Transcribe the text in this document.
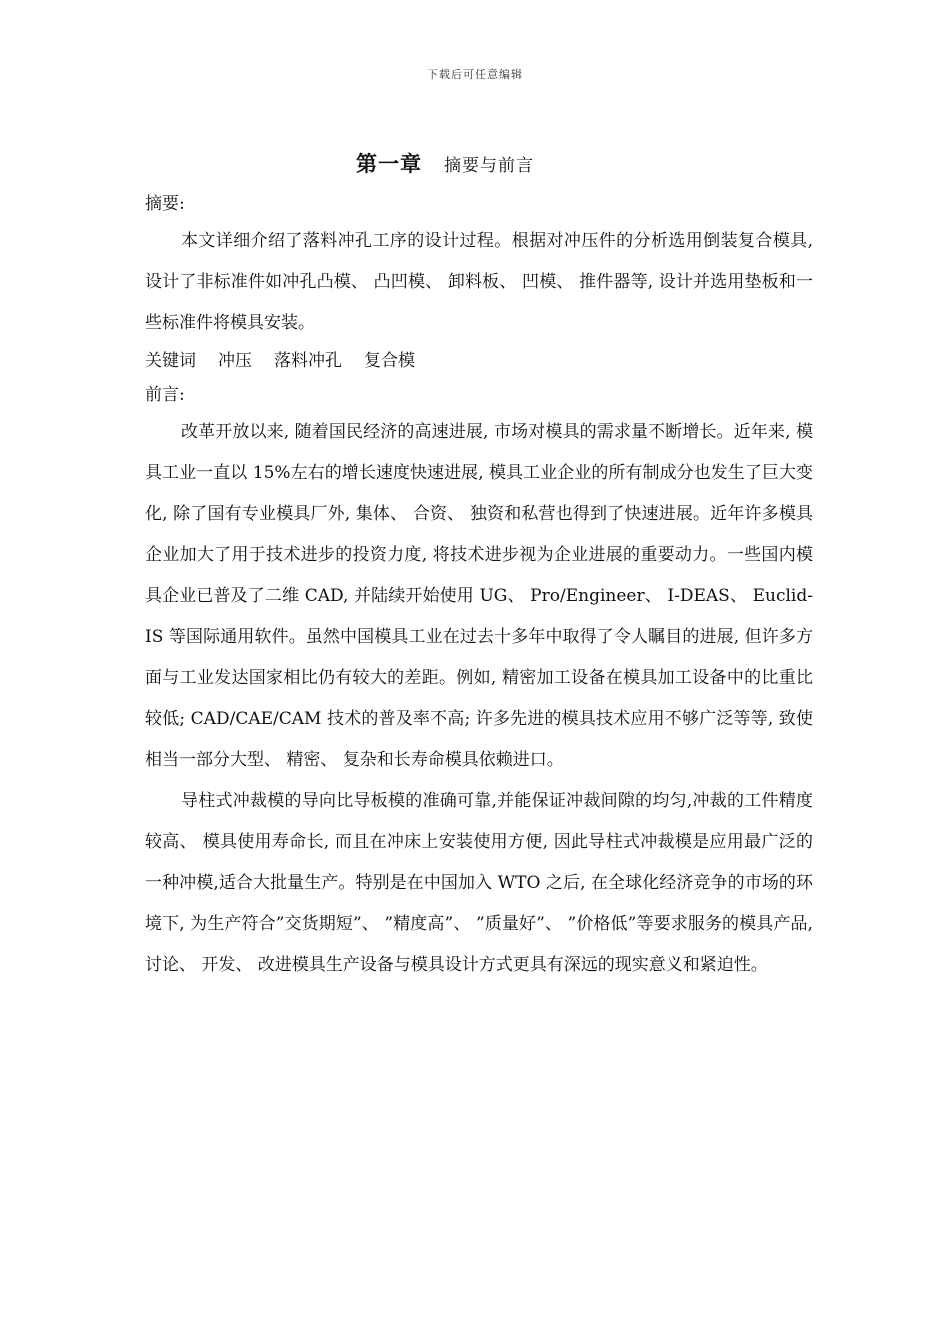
下载后可任意编辑
第一章 摘要与前言

摘要:

本文详细介绍了落料冲孔工序的设计过程。根据对冲压件的分析选用倒装复合模具, 设计了非标准件如冲孔凸模、 凸凹模、 卸料板、 凹模、 推件器等, 设计并选用垫板和一些标准件将模具安装。

关键词 冲压 落料冲孔 复合模

前言:

改革开放以来, 随着国民经济的高速进展, 市场对模具的需求量不断增长。近年来, 模具工业一直以 15%左右的增长速度快速进展, 模具工业企业的所有制成分也发生了巨大变化, 除了国有专业模具厂外, 集体、 合资、 独资和私营也得到了快速进展。近年许多模具企业加大了用于技术进步的投资力度, 将技术进步视为企业进展的重要动力。一些国内模具企业已普及了二维 CAD, 并陆续开始使用 UG、 Pro/Engineer、 I-DEAS、 Euclid-IS 等国际通用软件。虽然中国模具工业在过去十多年中取得了令人瞩目的进展, 但许多方面与工业发达国家相比仍有较大的差距。例如, 精密加工设备在模具加工设备中的比重比较低; CAD/CAE/CAM 技术的普及率不高; 许多先进的模具技术应用不够广泛等等, 致使相当一部分大型、 精密、 复杂和长寿命模具依赖进口。

导柱式冲裁模的导向比导板模的准确可靠,并能保证冲裁间隙的均匀,冲裁的工件精度较高、 模具使用寿命长, 而且在冲床上安装使用方便, 因此导柱式冲裁模是应用最广泛的一种冲模,适合大批量生产。特别是在中国加入 WTO 之后, 在全球化经济竞争的市场的环境下, 为生产符合”交货期短”、 ”精度高”、 ”质量好”、 ”价格低”等要求服务的模具产品, 讨论、 开发、 改进模具生产设备与模具设计方式更具有深远的现实意义和紧迫性。
